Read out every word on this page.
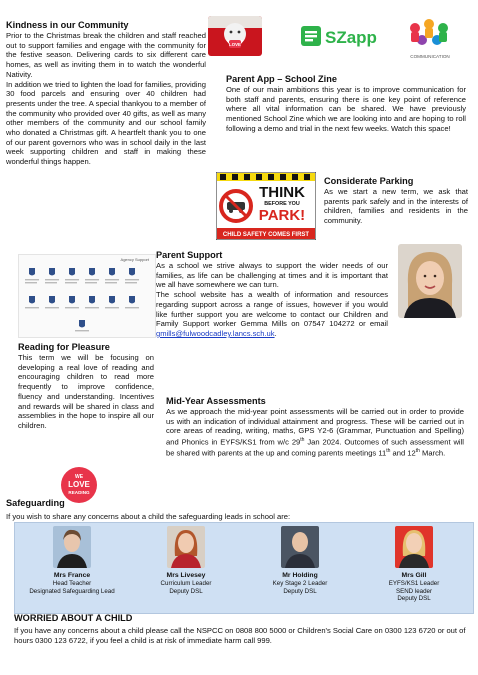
Kindness in our Community

Prior to the Christmas break the children and staff reached out to support families and engage with the community for the festive season. Delivering cards to six different care homes, as well as inviting them in to watch the wonderful Nativity.

In addition we tried to lighten the load for families, providing 30 food parcels and ensuring over 40 children had presents under the tree. A special thankyou to a member of the community who provided over 40 gifts, as well as many other members of the community and our school family who donated a Christmas gift. A heartfelt thank you to one of our parent governors who was in school daily in the last week supporting children and staff in making these wonderful things happen.

LOVE	SZapp
COMMUNICATION
Parent App – School Zine

One of our main ambitions this year is to improve communication for both staff and parents, ensuring there is one key point of reference where all vital information can be shared. We have previously mentioned School Zine which we are looking into and are hoping to roll following a demo and trial in the next few weeks. Watch this space!

THINK
BEFORE YOU
PARK!
CHILD SAFETY COMES FIRST
Considerate Parking

As we start a new term, we ask that parents park safely and in the interests of children, families and residents in the community.

Agency Support Parent Support

As a school we strive always to support the wider needs of our families, as life can be challenging at times and it is important that we all have somewhere we can turn.

The school website has a wealth of information and resources regarding support across a range of issues, however if you would like further support you are welcome to contact our Children and Family Support worker Gemma Mills on 07547 104272 or email gmills@fulwoodcadley.lancs.sch.uk.

Reading for Pleasure

This term we will be focusing on developing a real love of reading and encouraging children to read more frequently to improve confidence, fluency and understanding. Incentives and rewards will be shared in class and assemblies in the hope to inspire all our children.

WE
LOVE
READING
Mid-Year Assessments

As we approach the mid-year point assessments will be carried out in order to provide us with an indication of individual attainment and progress. These will be carried out in core areas of reading, writing, maths, GPS Y2-6 (Grammar, Punctuation and Spelling) and Phonics in EYFS/KS1 from w/c 29th Jan 2024. Outcomes of such assessment will be shared with parents at the up and coming parents meetings 11th and 12th March.

Safeguarding
If you wish to share any concerns about a child the safeguarding leads in school are:
Mrs France
Head Teacher
Designated Safeguarding Lead
Mrs Livesey
Curriculum Leader
Deputy DSL
Mr Holding
Key Stage 2 Leader
Deputy DSL
Mrs Gill
EYFS/KS1 Leader
SEND leader
Deputy DSL
WORRIED ABOUT A CHILD
If you have any concerns about a child please call the NSPCC on 0808 800 5000 or Children's Social Care on 0300 123 6720 or out of hours 0300 123 6722, if you feel a child is at risk of immediate harm call 999.
